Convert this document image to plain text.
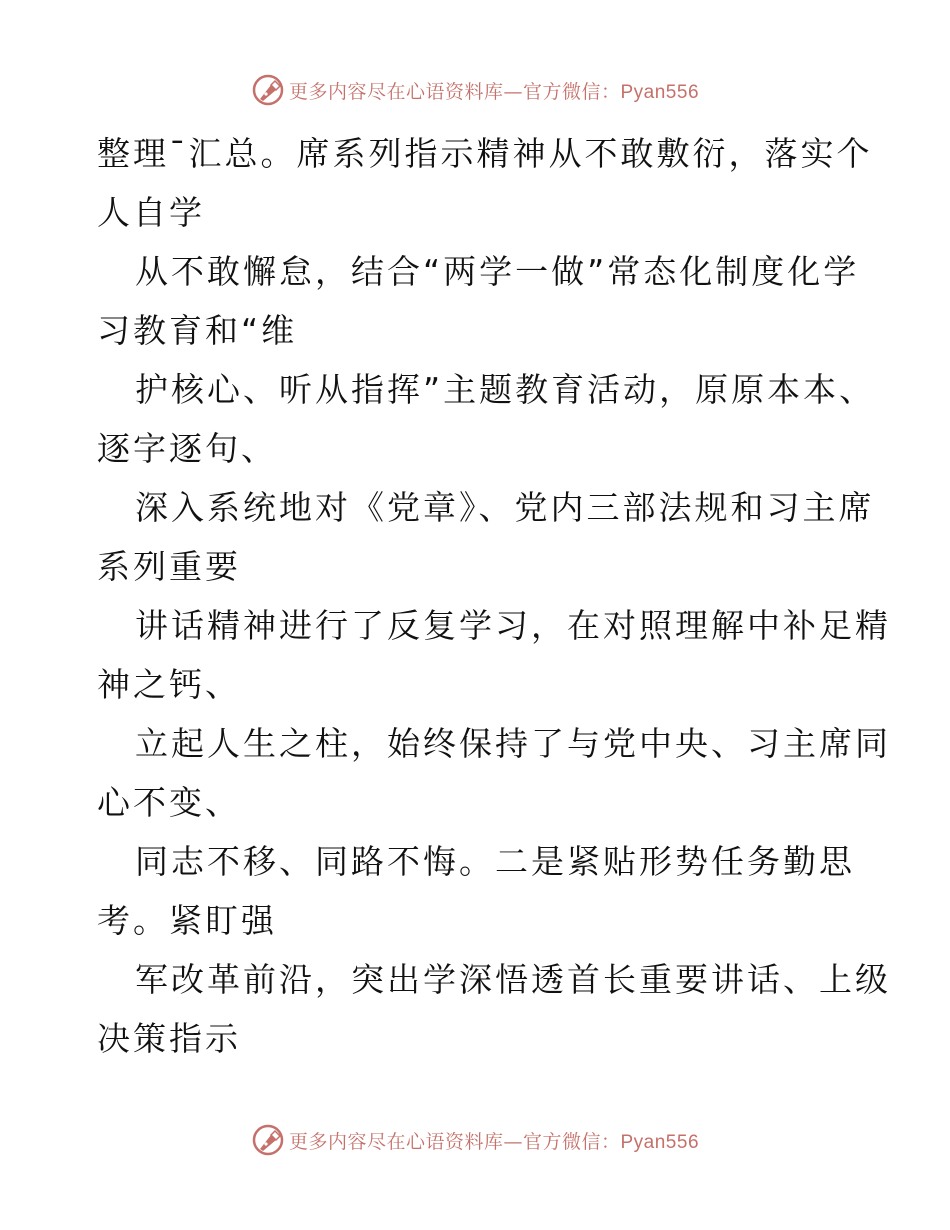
更多内容尽在心语资料库—官方微信：Pyan556
整理¯汇总。席系列指示精神从不敢敷衍，落实个
人自学
从不敢懈怠，结合“两学一做”常态化制度化学
习教育和“维
护核心、听从指挥”主题教育活动，原原本本、
逐字逐句、
深入系统地对《党章》、党内三部法规和习主席
系列重要
讲话精神进行了反复学习，在对照理解中补足精
神之钙、
立起人生之柱，始终保持了与党中央、习主席同
心不变、
同志不移、同路不悔。二是紧贴形势任务勤思
考。紧盯强
军改革前沿，突出学深悟透首长重要讲话、上级
决策指示
更多内容尽在心语资料库—官方微信：Pyan556
